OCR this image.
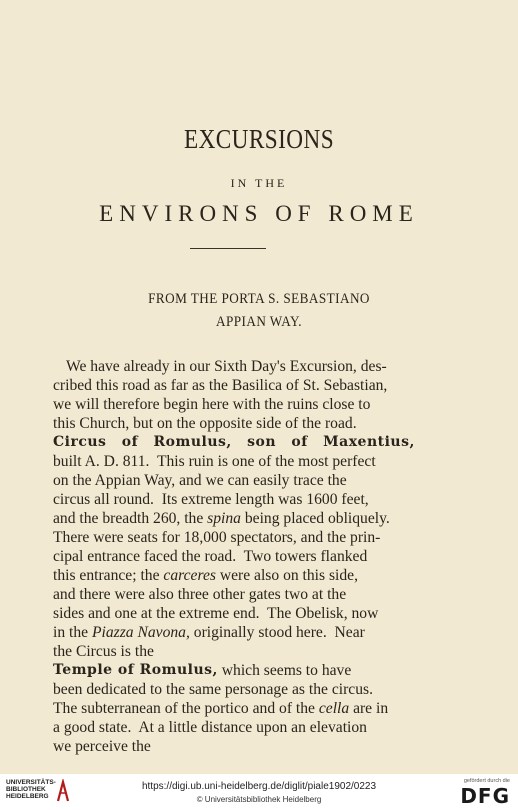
EXCURSIONS
IN THE
ENVIRONS OF ROME
FROM THE PORTA S. SEBASTIANO
APPIAN WAY.
We have already in our Sixth Day's Excursion, des-
cribed this road as far as the Basilica of St. Sebastian,
we will therefore begin here with the ruins close to
this Church, but on the opposite side of the road.
Circus of Romulus, son of Maxentius,
built A. D. 811.  This ruin is one of the most perfect
on the Appian Way, and we can easily trace the
circus all round.  Its extreme length was 1600 feet,
and the breadth 260, the spina being placed obliquely.
There were seats for 18,000 spectators, and the prin-
cipal entrance faced the road.  Two towers flanked
this entrance; the carceres were also on this side,
and there were also three other gates two at the
sides and one at the extreme end.  The Obelisk, now
in the Piazza Navona, originally stood here.  Near
the Circus is the
Temple of Romulus, which seems to have
been dedicated to the same personage as the circus.
The subterranean of the portico and of the cella are in
a good state.  At a little distance upon an elevation
we perceive the
UNIVERSITÄTS-
BIBLIOTHEK
HEIDELBERG
https://digi.ub.uni-heidelberg.de/diglit/piale1902/0223
© Universitätsbibliothek Heidelberg
gefördert durch die
DFG
